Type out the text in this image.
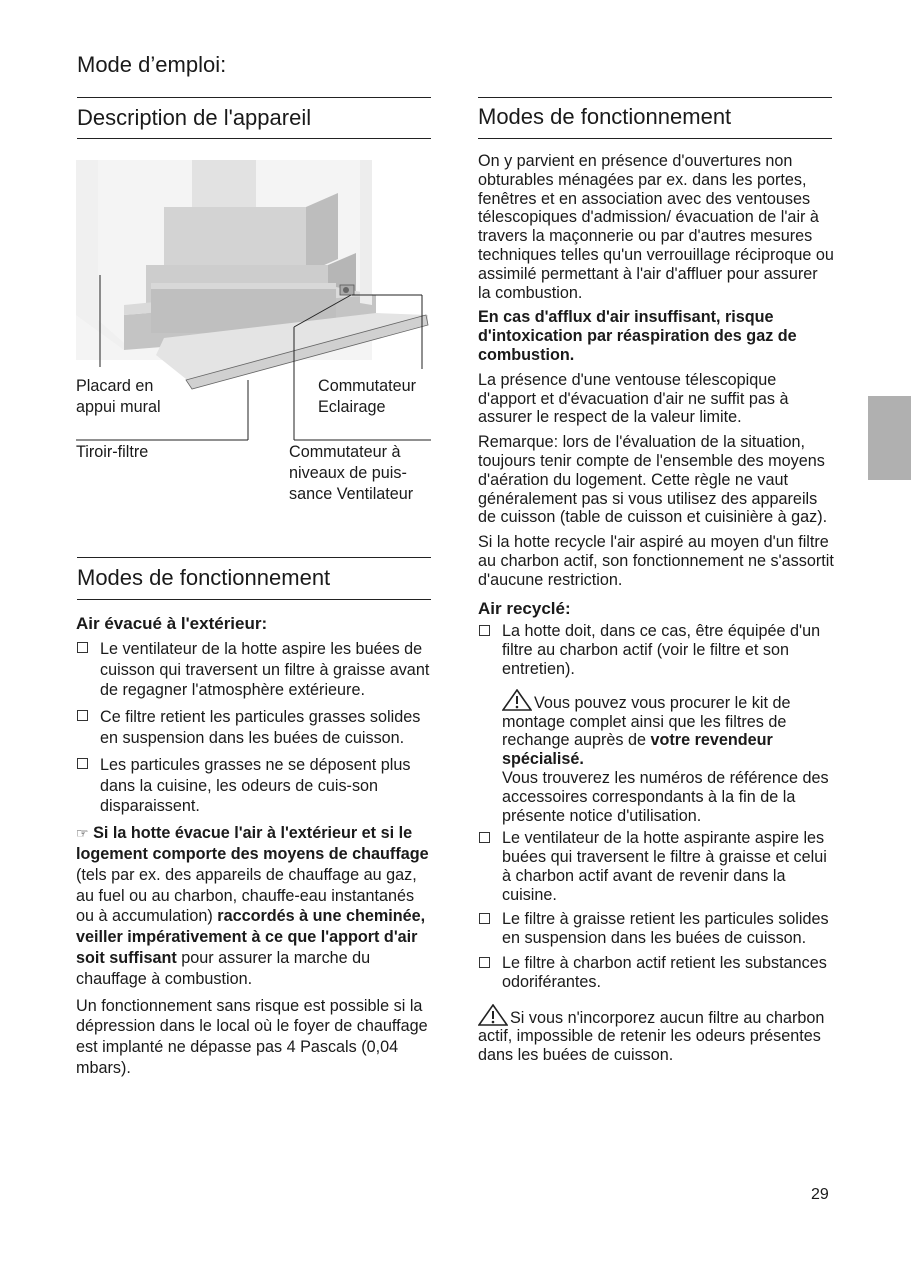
Mode d’emploi:
Description de l'appareil
Placard en appui mural
Commutateur Eclairage
Tiroir-filtre	Commutateur à niveaux de puis-sance Ventilateur
Modes de fonctionnement
Air évacué à l'extérieur:
Le ventilateur de la hotte aspire les buées de cuisson qui traversent un filtre à graisse avant de regagner l'atmosphère extérieure.
Ce filtre retient les particules grasses solides en suspension dans les buées de cuisson.
Les particules grasses ne se déposent plus dans la cuisine, les odeurs de cuis-son disparaissent.

☞ Si la hotte évacue l'air à l'extérieur et si le logement comporte des moyens de chauffage (tels par ex. des appareils de chauffage au gaz, au fuel ou au charbon, chauffe-eau instantanés ou à accumulation) raccordés à une cheminée, veiller impérativement à ce que l'apport d'air soit suffisant pour assurer la marche du chauffage à combustion.

Un fonctionnement sans risque est possible si la dépression dans le local où le foyer de chauffage est implanté ne dépasse pas 4 Pascals (0,04 mbars).

Modes de fonctionnement

On y parvient en présence d'ouvertures non obturables ménagées par ex. dans les portes, fenêtres et en association avec des ventouses télescopiques d'admission/ évacuation de l'air à travers la maçonnerie ou par d'autres mesures techniques telles qu'un verrouillage réciproque ou assimilé permettant à l'air d'affluer pour assurer la combustion.

En cas d'afflux d'air insuffisant, risque d'intoxication par réaspiration des gaz de combustion.

La présence d'une ventouse télescopique d'apport et d'évacuation d'air ne suffit pas à assurer le respect de la valeur limite.

Remarque: lors de l'évaluation de la situation, toujours tenir compte de l'ensemble des moyens d'aération du logement. Cette règle ne vaut généralement pas si vous utilisez des appareils de cuisson (table de cuisson et cuisinière à gaz).

Si la hotte recycle l'air aspiré au moyen d'un filtre au charbon actif, son fonctionnement ne s'assortit d'aucune restriction.

Air recyclé:
La hotte doit, dans ce cas, être équipée d'un filtre au charbon actif (voir le filtre et son entretien).
Vous pouvez vous procurer le kit de montage complet ainsi que les filtres de rechange auprès de votre revendeur spécialisé.
Vous trouverez les numéros de référence des accessoires correspondants à la fin de la présente notice d'utilisation.
Le ventilateur de la hotte aspirante aspire les buées qui traversent le filtre à graisse et celui à charbon actif avant de revenir dans la cuisine.
Le filtre à graisse retient les particules solides en suspension dans les buées de cuisson.
Le filtre à charbon actif retient les substances odoriférantes.

Si vous n'incorporez aucun filtre au charbon actif, impossible de retenir les odeurs présentes dans les buées de cuisson.

29
